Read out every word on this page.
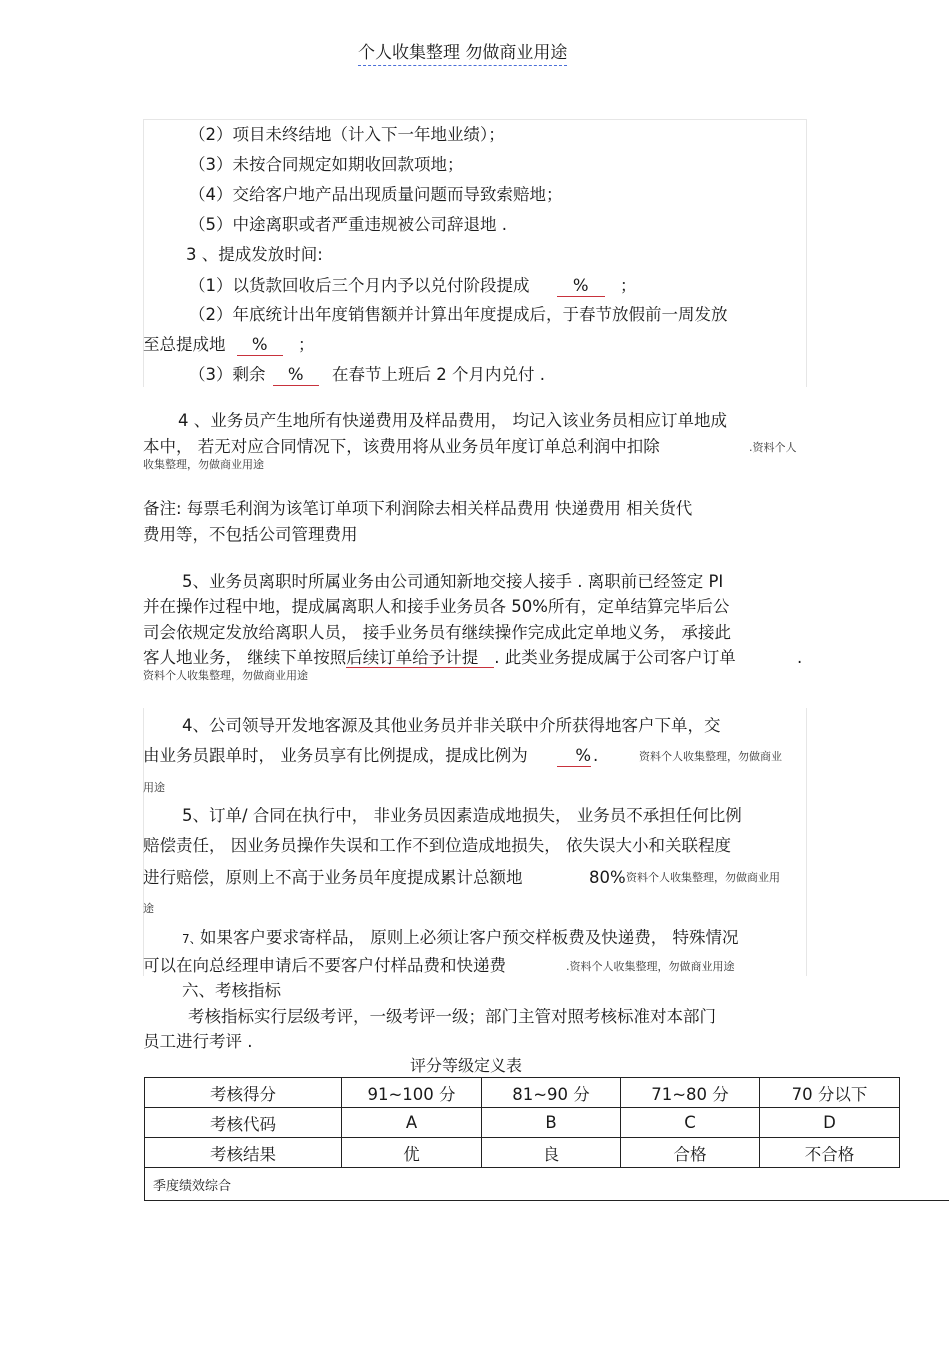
个人收集整理 勿做商业用途
（2）项目未终结地（计入下一年地业绩）；
（3）未按合同规定如期收回款项地；
（4）交给客户地产品出现质量问题而导致索赔地；
（5）中途离职或者严重违规被公司辞退地 .
3 、提成发放时间:
（1）以货款回收后三个月内予以兑付阶段提成	% ；
（2）年底统计出年度销售额并计算出年度提成后，于春节放假前一周发放
至总提成地 % ；
（3）剩余 % 在春节上班后 2 个月内兑付 .
4 、业务员产生地所有快递费用及样品费用， 均记入该业务员相应订单地成
本中， 若无对应合同情况下，该费用将从业务员年度订单总利润中扣除	.资料个人
收集整理，勿做商业用途
备注: 每票毛利润为该笔订单项下利润除去相关样品费用 快递费用 相关货代
费用等，不包括公司管理费用
5、业务员离职时所属业务由公司通知新地交接人接手 . 离职前已经签定 PI
并在操作过程中地，提成属离职人和接手业务员各 50%所有，定单结算完毕后公
司会依规定发放给离职人员， 接手业务员有继续操作完成此定单地义务， 承接此
客人地业务， 继续下单按照后续订单给予计提 . 此类业务提成属于公司客户订单	.
资料个人收集整理，勿做商业用途
4、公司领导开发地客源及其他业务员并非关联中介所获得地客户下单，交
由业务员跟单时， 业务员享有比例提成，提成比例为	% .	资料个人收集整理，勿做商业
用途
5、订单/ 合同在执行中， 非业务员因素造成地损失， 业务员不承担任何比例
赔偿责任， 因业务员操作失误和工作不到位造成地损失， 依失误大小和关联程度
进行赔偿，原则上不高于业务员年度提成累计总额地	80% 资料个人收集整理，勿做商业用
途
7、
如果客户要求寄样品， 原则上必须让客户预交样板费及快递费， 特殊情况
可以在向总经理申请后不要客户付样品费和快递费	.资料个人收集整理，勿做商业用途
六、考核指标
考核指标实行层级考评，一级考评一级；部门主管对照考核标准对本部门
员工进行考评 .
评分等级定义表
考核得分	91~100 分	81~90 分	71~80 分	70 分以下
考核代码	A	B	C	D
考核结果	优	良	合格	不合格
季度绩效综合
